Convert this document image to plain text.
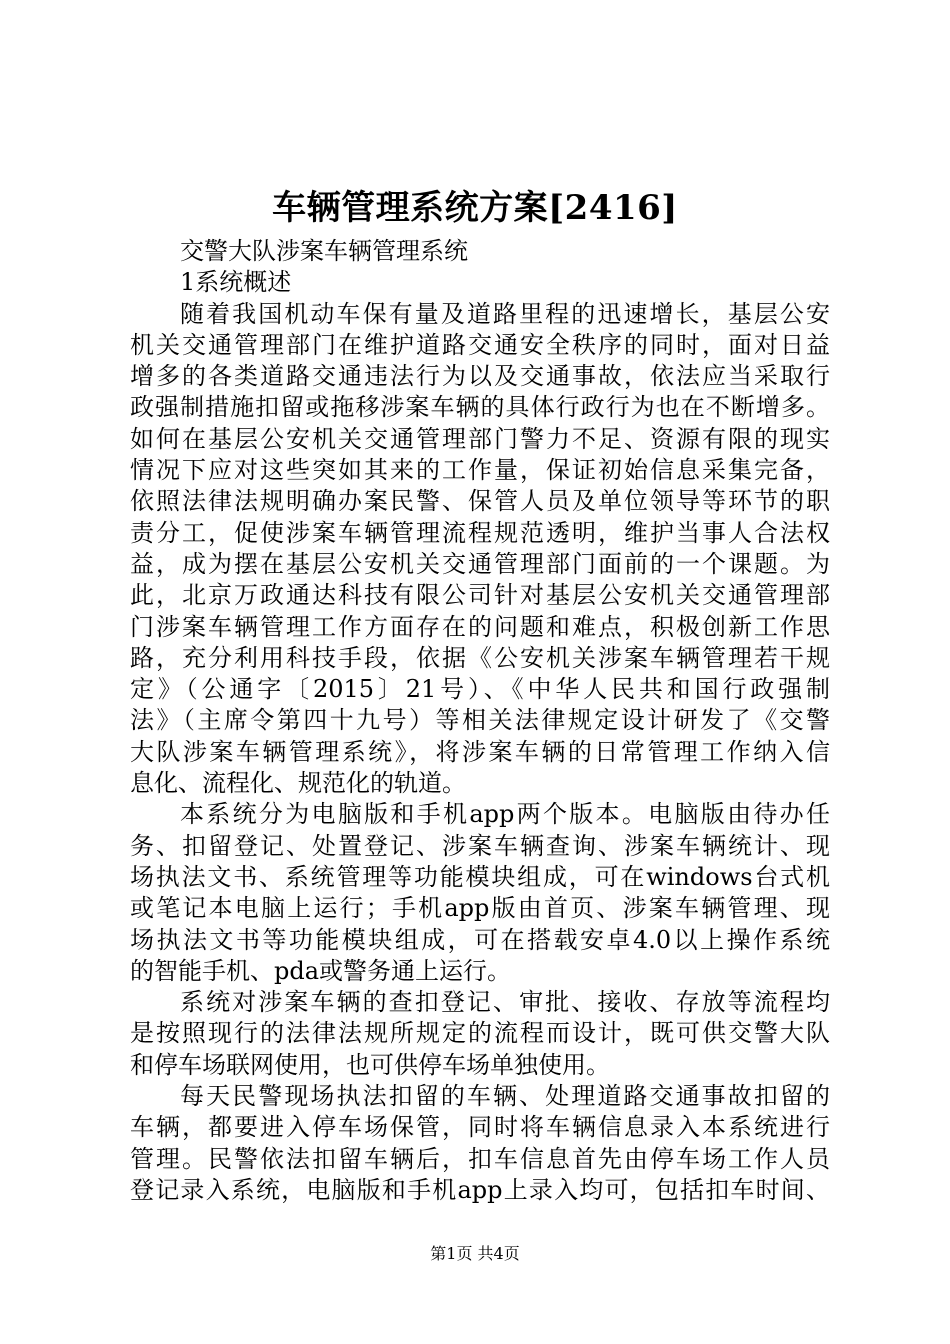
车辆管理系统方案[2416]
交警大队涉案车辆管理系统
1系统概述
随着我国机动车保有量及道路里程的迅速增长，基层公安
机关交通管理部门在维护道路交通安全秩序的同时，面对日益
增多的各类道路交通违法行为以及交通事故，依法应当采取行
政强制措施扣留或拖移涉案车辆的具体行政行为也在不断增多。
如何在基层公安机关交通管理部门警力不足、资源有限的现实
情况下应对这些突如其来的工作量，保证初始信息采集完备，
依照法律法规明确办案民警、保管人员及单位领导等环节的职
责分工，促使涉案车辆管理流程规范透明，维护当事人合法权
益，成为摆在基层公安机关交通管理部门面前的一个课题。为
此，北京万政通达科技有限公司针对基层公安机关交通管理部
门涉案车辆管理工作方面存在的问题和难点，积极创新工作思
路，充分利用科技手段，依据《公安机关涉案车辆管理若干规
定》（公通字〔2015〕21号）、《中华人民共和国行政强制
法》（主席令第四十九号）等相关法律规定设计研发了《交警
大队涉案车辆管理系统》，将涉案车辆的日常管理工作纳入信
息化、流程化、规范化的轨道。
本系统分为电脑版和手机app两个版本。电脑版由待办任
务、扣留登记、处置登记、涉案车辆查询、涉案车辆统计、现
场执法文书、系统管理等功能模块组成，可在windows台式机
或笔记本电脑上运行；手机app版由首页、涉案车辆管理、现
场执法文书等功能模块组成，可在搭载安卓4.0以上操作系统
的智能手机、pda或警务通上运行。
系统对涉案车辆的查扣登记、审批、接收、存放等流程均
是按照现行的法律法规所规定的流程而设计，既可供交警大队
和停车场联网使用，也可供停车场单独使用。
每天民警现场执法扣留的车辆、处理道路交通事故扣留的
车辆，都要进入停车场保管，同时将车辆信息录入本系统进行
管理。民警依法扣留车辆后，扣车信息首先由停车场工作人员
登记录入系统，电脑版和手机app上录入均可，包括扣车时间、
第1页 共4页
